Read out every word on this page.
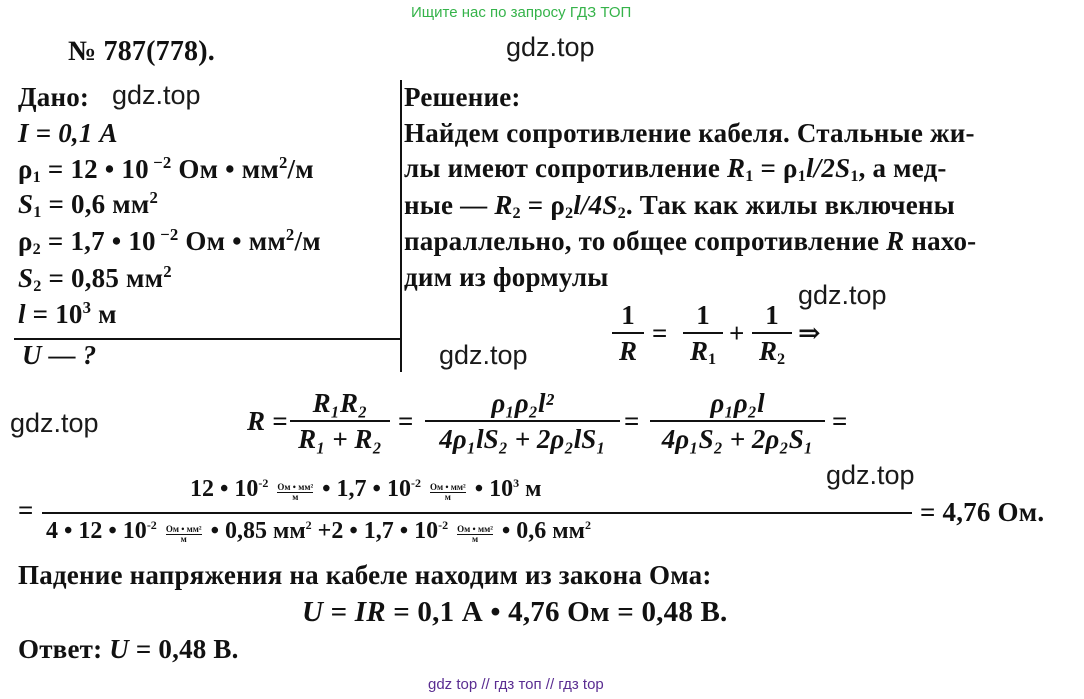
Ищите нас по запросу ГДЗ ТОП
gdz.top
gdz.top
gdz.top
gdz.top
gdz.top
gdz.top
№ 787(778).
Дано:
I = 0,1 А
$\rho_1 = 12$ • 10 $^{-2}$ Ом • $мм^2/м$
$S_1 = 0,6$ $мм^2$
$\rho_2 = 1,7$ • 10 $^{-2}$ Ом • $мм^2/м$
$S_2 = 0,85$ $мм^2$
$l = 10^3$ м
U — ?
Решение:
Найдем сопротивление кабеля. Стальные жи-
лы имеют сопротивление $R_1 = \rho_1l/2S_1$, а мед-
ные — $R_2 = \rho_2l/4S_2$. Так как жилы включены
параллельно, то общее сопротивление R нахо-
дим из формулы
1
R
=
1
$R_1$
+
1
$R_2$
⇒
R =
R₁R₂
R₁ + R₂
=
ρ₁ρ₂l²
4ρ₁lS₂ + 2ρ₂lS₁
=
ρ₁ρ₂l
4ρ₁S₂ + 2ρ₂S₁
=
=
12 • $10^{-2}$ Ом • мм²
м • 1,7 • $10^{-2}$ Ом • мм²
м • $10^3$ м
4 • 12 • $10^{-2}$ Ом • мм²
м • 0,85 $мм^2 +2$ • 1,7 • $10^{-2}$ Ом • мм²
м • 0,6 $мм^2$	= 4,76 Ом.
Падение напряжения на кабеле находим из закона Ома:
U = IR = 0,1 А • 4,76 Ом = 0,48 В.
Ответ: U = 0,48 В.
gdz top // гдз топ // гдз top
